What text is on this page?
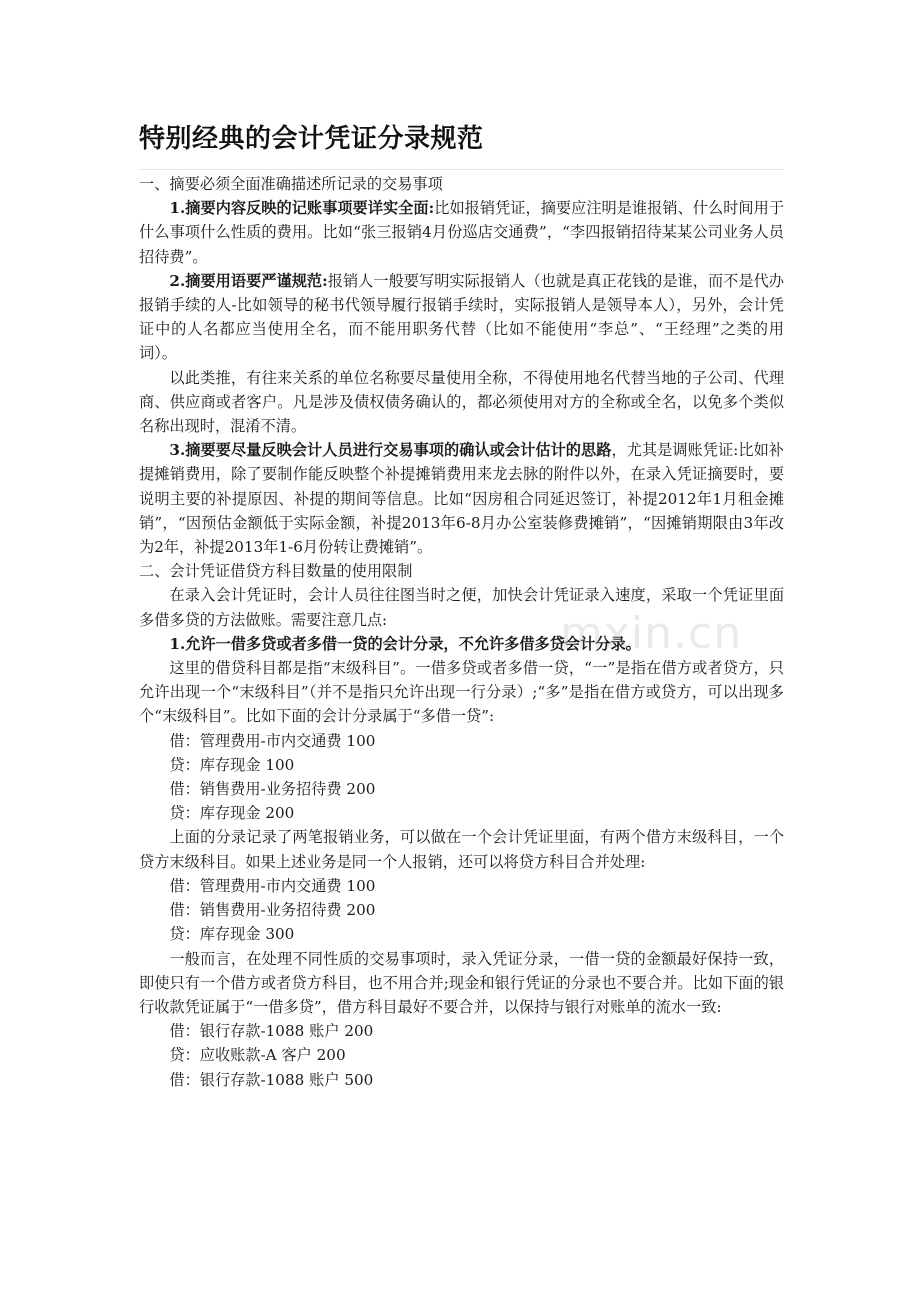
特别经典的会计凭证分录规范

一、摘要必须全面准确描述所记录的交易事项

1.摘要内容反映的记账事项要详实全面:比如报销凭证，摘要应注明是谁报销、什么时间用于什么事项什么性质的费用。比如“张三报销4月份巡店交通费”，“李四报销招待某某公司业务人员招待费”。

2.摘要用语要严谨规范:报销人一般要写明实际报销人（也就是真正花钱的是谁，而不是代办报销手续的人-比如领导的秘书代领导履行报销手续时，实际报销人是领导本人），另外，会计凭证中的人名都应当使用全名，而不能用职务代替（比如不能使用“李总”、“王经理”之类的用词）。

以此类推，有往来关系的单位名称要尽量使用全称，不得使用地名代替当地的子公司、代理商、供应商或者客户。凡是涉及债权债务确认的，都必须使用对方的全称或全名，以免多个类似名称出现时，混淆不清。

3.摘要要尽量反映会计人员进行交易事项的确认或会计估计的思路，尤其是调账凭证:比如补提摊销费用，除了要制作能反映整个补提摊销费用来龙去脉的附件以外，在录入凭证摘要时，要说明主要的补提原因、补提的期间等信息。比如“因房租合同延迟签订，补提2012年1月租金摊销”，“因预估金额低于实际金额，补提2013年6-8月办公室装修费摊销”，“因摊销期限由3年改为2年，补提2013年1-6月份转让费摊销”。

二、会计凭证借贷方科目数量的使用限制

在录入会计凭证时，会计人员往往图当时之便，加快会计凭证录入速度，采取一个凭证里面多借多贷的方法做账。需要注意几点:

1.允许一借多贷或者多借一贷的会计分录，不允许多借多贷会计分录。

这里的借贷科目都是指“末级科目”。一借多贷或者多借一贷，“一”是指在借方或者贷方，只允许出现一个“末级科目”（并不是指只允许出现一行分录）;“多”是指在借方或贷方，可以出现多个“末级科目”。比如下面的会计分录属于“多借一贷”:

借：管理费用-市内交通费 100

贷：库存现金 100

借：销售费用-业务招待费 200

贷：库存现金 200

上面的分录记录了两笔报销业务，可以做在一个会计凭证里面，有两个借方末级科目，一个贷方末级科目。如果上述业务是同一个人报销，还可以将贷方科目合并处理:

借：管理费用-市内交通费 100

借：销售费用-业务招待费 200

贷：库存现金 300

一般而言，在处理不同性质的交易事项时，录入凭证分录，一借一贷的金额最好保持一致，即使只有一个借方或者贷方科目，也不用合并;现金和银行凭证的分录也不要合并。比如下面的银行收款凭证属于“一借多贷”，借方科目最好不要合并，以保持与银行对账单的流水一致:

借：银行存款-1088 账户 200

贷：应收账款-A 客户 200

借：银行存款-1088 账户 500

mxin.cn
